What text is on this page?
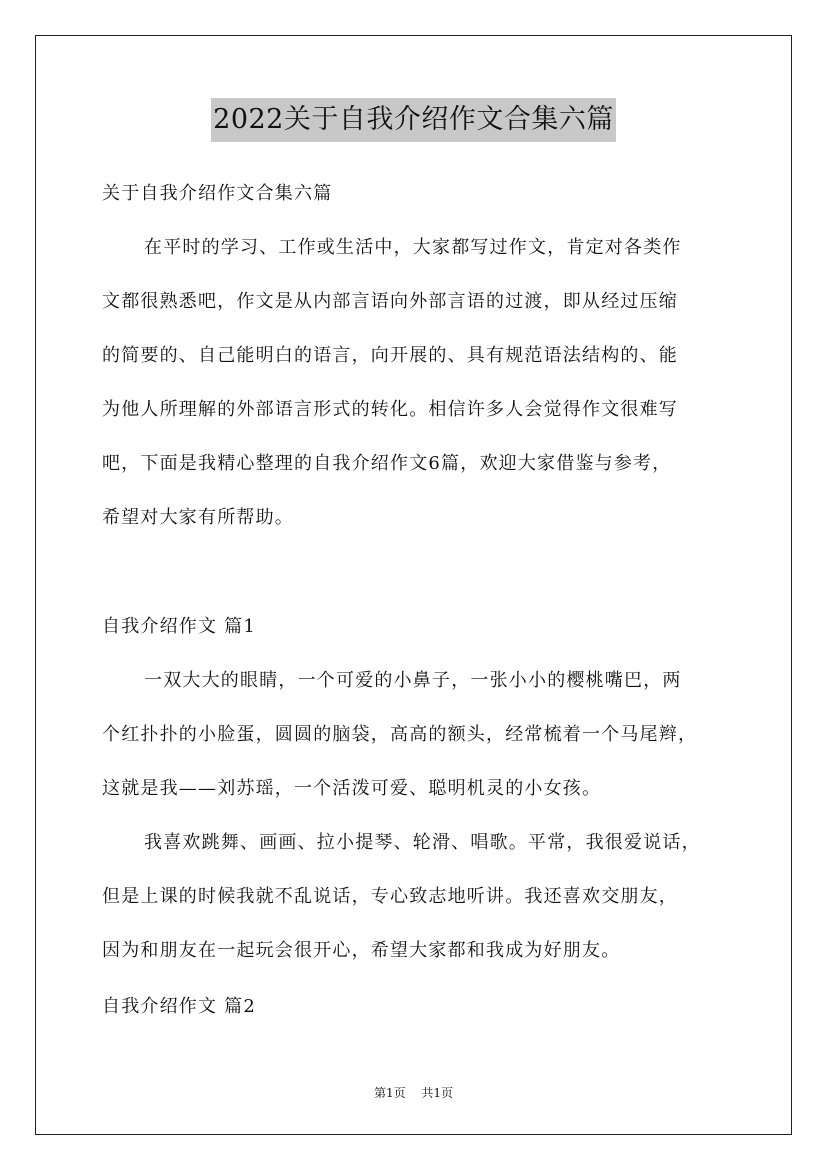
2022关于自我介绍作文合集六篇
关于自我介绍作文合集六篇
在平时的学习、工作或生活中，大家都写过作文，肯定对各类作
文都很熟悉吧，作文是从内部言语向外部言语的过渡，即从经过压缩
的简要的、自己能明白的语言，向开展的、具有规范语法结构的、能
为他人所理解的外部语言形式的转化。相信许多人会觉得作文很难写
吧，下面是我精心整理的自我介绍作文6篇，欢迎大家借鉴与参考，
希望对大家有所帮助。
自我介绍作文 篇1
一双大大的眼睛，一个可爱的小鼻子，一张小小的樱桃嘴巴，两
个红扑扑的小脸蛋，圆圆的脑袋，高高的额头，经常梳着一个马尾辫，
这就是我——刘苏瑶，一个活泼可爱、聪明机灵的小女孩。
我喜欢跳舞、画画、拉小提琴、轮滑、唱歌。平常，我很爱说话，
但是上课的时候我就不乱说话，专心致志地听讲。我还喜欢交朋友，
因为和朋友在一起玩会很开心，希望大家都和我成为好朋友。
自我介绍作文 篇2
第1页 共1页
